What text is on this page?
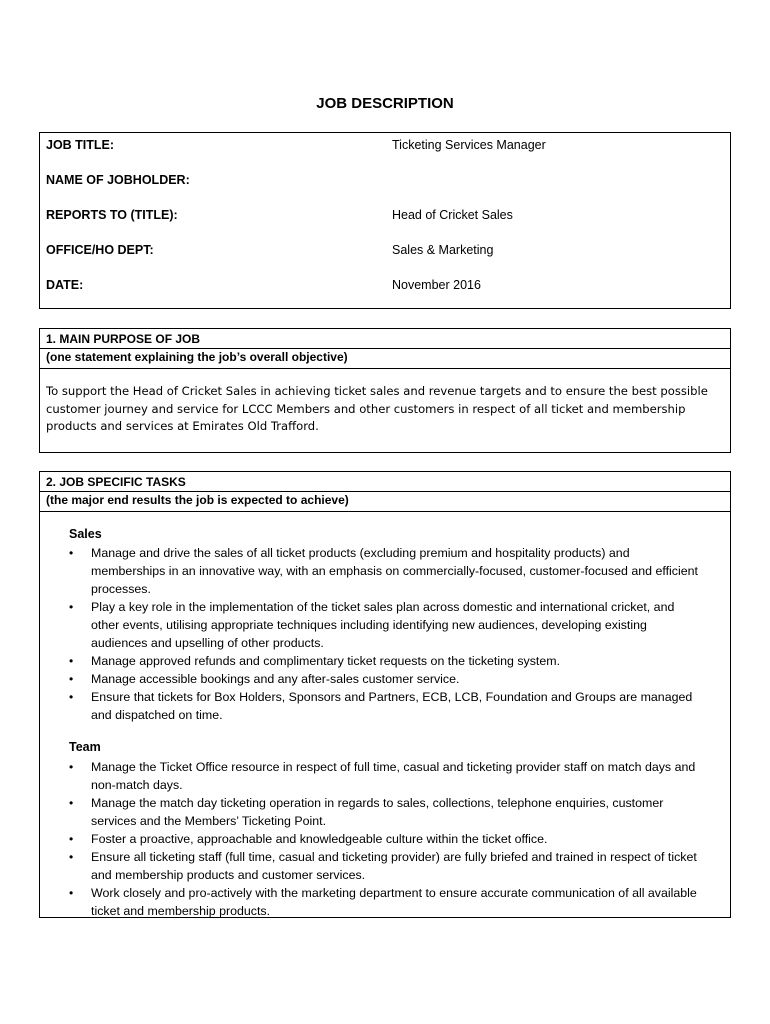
JOB DESCRIPTION
JOB TITLE:	Ticketing Services Manager
NAME OF JOBHOLDER:
REPORTS TO (TITLE):	Head of Cricket Sales
OFFICE/HO DEPT:	Sales & Marketing
DATE:	November 2016
1. MAIN PURPOSE OF JOB
(one statement explaining the job’s overall objective)
To support the Head of Cricket Sales in achieving ticket sales and revenue targets and to ensure the best possible customer journey and service for LCCC Members and other customers in respect of all ticket and membership products and services at Emirates Old Trafford.
2. JOB SPECIFIC TASKS
(the major end results the job is expected to achieve)
Sales
• Manage and drive the sales of all ticket products (excluding premium and hospitality products) and memberships in an innovative way, with an emphasis on commercially-focused, customer-focused and efficient processes.
• Play a key role in the implementation of the ticket sales plan across domestic and international cricket, and other events, utilising appropriate techniques including identifying new audiences, developing existing audiences and upselling of other products.
• Manage approved refunds and complimentary ticket requests on the ticketing system.
• Manage accessible bookings and any after-sales customer service.
• Ensure that tickets for Box Holders, Sponsors and Partners, ECB, LCB, Foundation and Groups are managed and dispatched on time.
Team
• Manage the Ticket Office resource in respect of full time, casual and ticketing provider staff on match days and non-match days.
• Manage the match day ticketing operation in regards to sales, collections, telephone enquiries, customer services and the Members’ Ticketing Point.
• Foster a proactive, approachable and knowledgeable culture within the ticket office.
• Ensure all ticketing staff (full time, casual and ticketing provider) are fully briefed and trained in respect of ticket and membership products and customer services.
• Work closely and pro-actively with the marketing department to ensure accurate communication of all available ticket and membership products.
